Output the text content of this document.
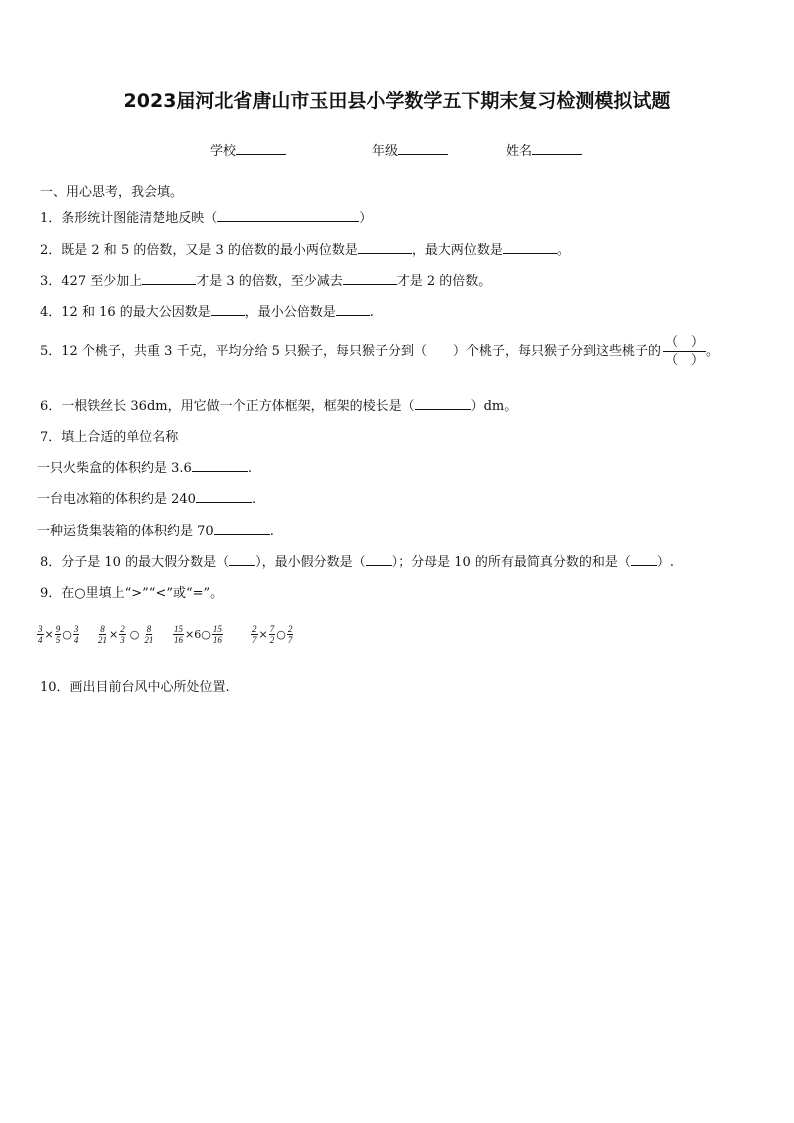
2023届河北省唐山市玉田县小学数学五下期末复习检测模拟试题
学校	年级	姓名
一、用心思考，我会填。
1．条形统计图能清楚地反映（	）
2．既是 2 和 5 的倍数，又是 3 的倍数的最小两位数是	，最大两位数是	。
3．427 至少加上	才是 3 的倍数，至少减去	才是 2 的倍数。
4．12 和 16 的最大公因数是	，最小公倍数是	.
5．12 个桃子，共重 3 千克，平均分给 5 只猴子，每只猴子分到（　　）个桃子，每只猴子分到这些桃子的 $\frac{( )}{( )}$ 。
6．一根铁丝长 36dm，用它做一个正方体框架，框架的棱长是（	）dm。
7．填上合适的单位名称
一只火柴盒的体积约是 3.6	.
一台电冰箱的体积约是 240	.
一种运货集装箱的体积约是 70	.
8．分子是 10 的最大假分数是（ ），最小假分数是（ ）；分母是 10 的所有最简真分数的和是（ ）.
9．在○里填上“>”“<”或“=”。
$\frac{3}{4} \times \frac{9}{5}$ ○ $\frac{3}{4} \frac{8}{21} \times \frac{2}{3}$ ○ $\frac{8}{21} \frac{15}{16}$ ×6○ $\frac{15}{16}$	$\frac{2}{7} \times \frac{7}{2}$ ○ $\frac{2}{7}$
10．画出目前台风中心所处位置.
